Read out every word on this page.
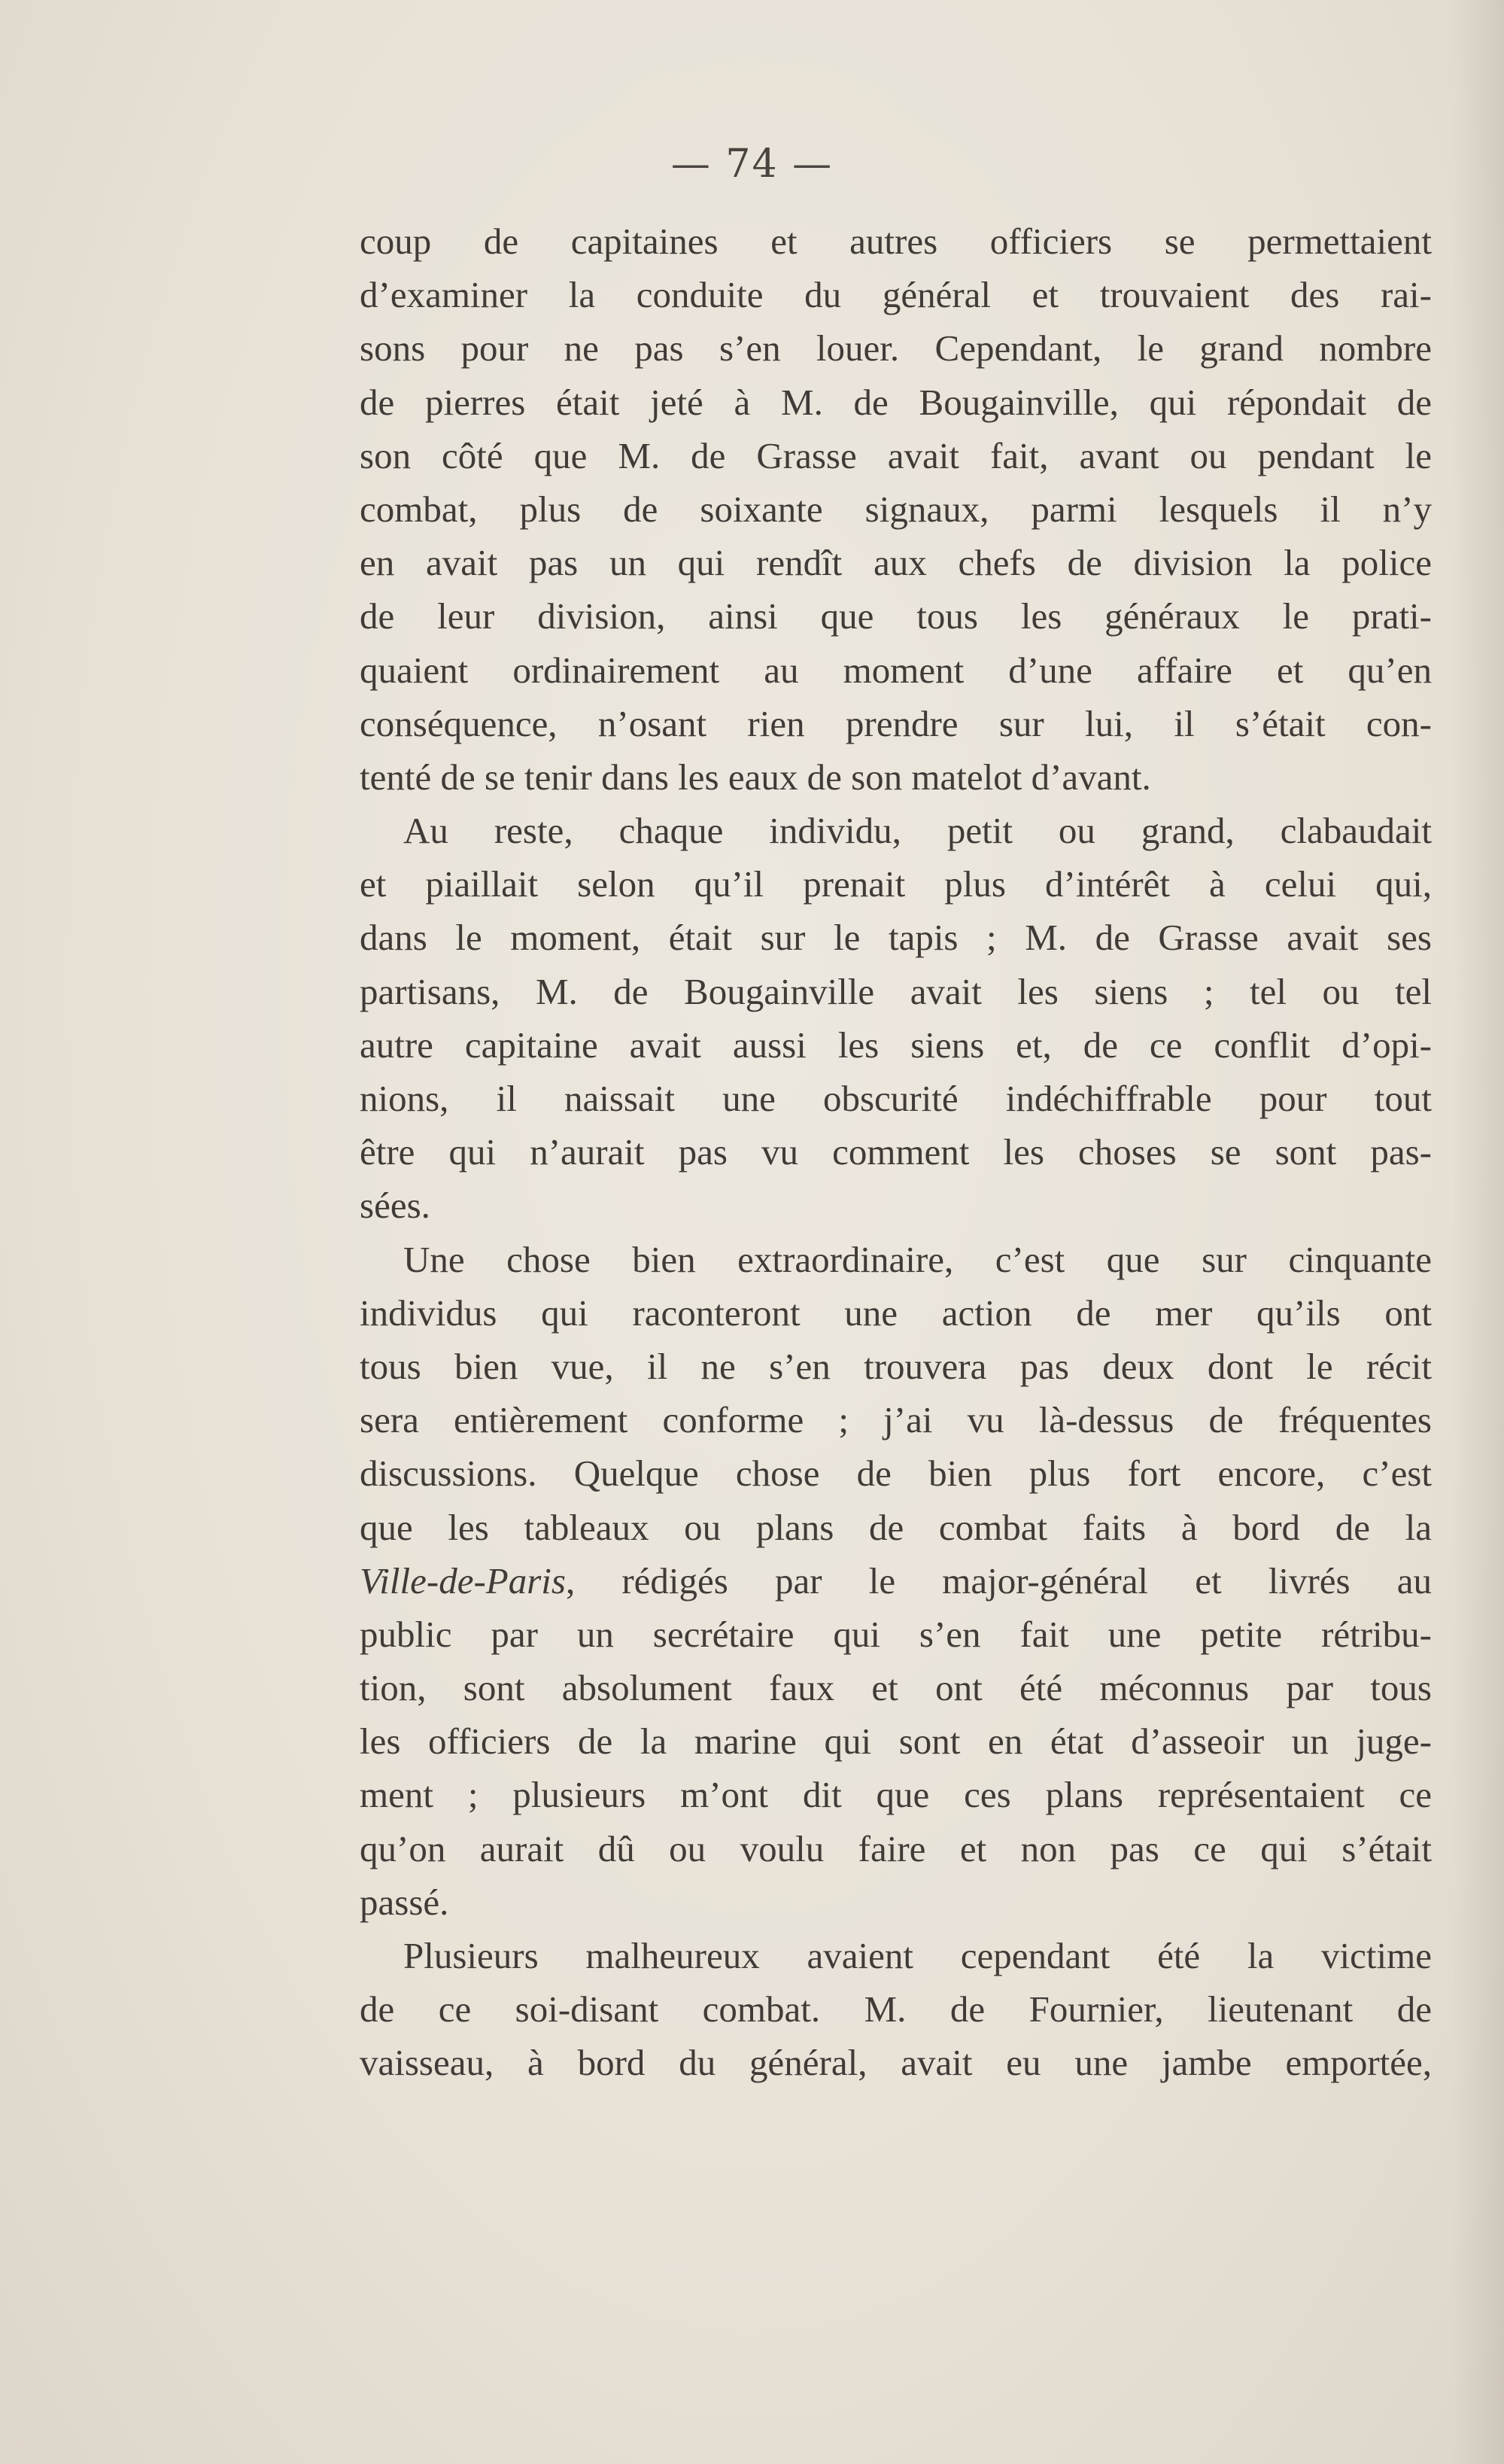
— 74 —
coup de capitaines et autres officiers se permettaient
d’examiner la conduite du général et trouvaient des rai-
sons pour ne pas s’en louer. Cependant, le grand nombre
de pierres était jeté à M. de Bougainville, qui répondait de
son côté que M. de Grasse avait fait, avant ou pendant le
combat, plus de soixante signaux, parmi lesquels il n’y
en avait pas un qui rendît aux chefs de division la police
de leur division, ainsi que tous les généraux le prati-
quaient ordinairement au moment d’une affaire et qu’en
conséquence, n’osant rien prendre sur lui, il s’était con-
tenté de se tenir dans les eaux de son matelot d’avant.
Au reste, chaque individu, petit ou grand, clabaudait
et piaillait selon qu’il prenait plus d’intérêt à celui qui,
dans le moment, était sur le tapis ; M. de Grasse avait ses
partisans, M. de Bougainville avait les siens ; tel ou tel
autre capitaine avait aussi les siens et, de ce conflit d’opi-
nions, il naissait une obscurité indéchiffrable pour tout
être qui n’aurait pas vu comment les choses se sont pas-
sées.
Une chose bien extraordinaire, c’est que sur cinquante
individus qui raconteront une action de mer qu’ils ont
tous bien vue, il ne s’en trouvera pas deux dont le récit
sera entièrement conforme ; j’ai vu là-dessus de fréquentes
discussions. Quelque chose de bien plus fort encore, c’est
que les tableaux ou plans de combat faits à bord de la
Ville-de-Paris, rédigés par le major-général et livrés au
public par un secrétaire qui s’en fait une petite rétribu-
tion, sont absolument faux et ont été méconnus par tous
les officiers de la marine qui sont en état d’asseoir un juge-
ment ; plusieurs m’ont dit que ces plans représentaient ce
qu’on aurait dû ou voulu faire et non pas ce qui s’était
passé.
Plusieurs malheureux avaient cependant été la victime
de ce soi-disant combat. M. de Fournier, lieutenant de
vaisseau, à bord du général, avait eu une jambe emportée,
